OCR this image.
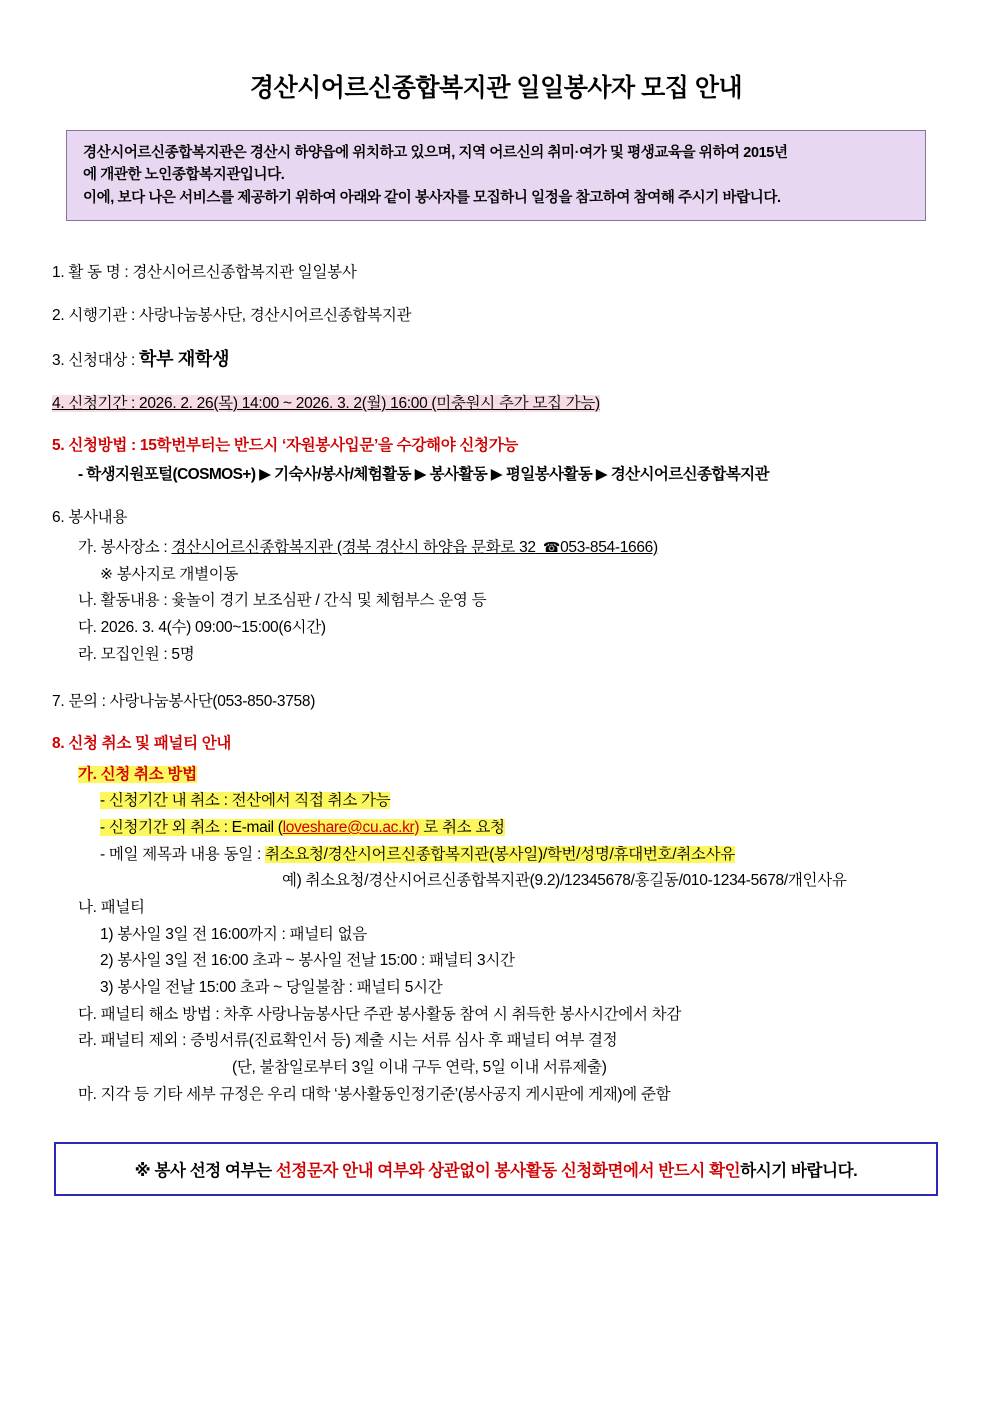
경산시어르신종합복지관 일일봉사자 모집 안내

경산시어르신종합복지관은 경산시 하양읍에 위치하고 있으며, 지역 어르신의 취미·여가 및 평생교육을 위하여 2015년

에 개관한 노인종합복지관입니다.

이에, 보다 나은 서비스를 제공하기 위하여 아래와 같이 봉사자를 모집하니 일정을 참고하여 참여해 주시기 바랍니다.

1. 활 동 명 : 경산시어르신종합복지관 일일봉사
2. 시행기관 : 사랑나눔봉사단, 경산시어르신종합복지관
3. 신청대상 : 학부 재학생
4. 신청기간 : 2026. 2. 26(목) 14:00 ~ 2026. 3. 2(월) 16:00 (미충원시 추가 모집 가능)
5. 신청방법 : 15학번부터는 반드시 ‘자원봉사입문’을 수강해야 신청가능
- 학생지원포털(COSMOS+) ▶ 기숙사/봉사/체험활동 ▶ 봉사활동 ▶ 평일봉사활동 ▶ 경산시어르신종합복지관
6. 봉사내용
가. 봉사장소 : 경산시어르신종합복지관 (경북 경산시 하양읍 문화로 32  ☎053-854-1666)
※ 봉사지로 개별이동
나. 활동내용 : 윷놀이 경기 보조심판 / 간식 및 체험부스 운영 등
다. 2026. 3. 4(수) 09:00~15:00(6시간)
라. 모집인원 : 5명
7. 문의 : 사랑나눔봉사단(053-850-3758)
8. 신청 취소 및 패널티 안내
가. 신청 취소 방법
- 신청기간 내 취소 : 전산에서 직접 취소 가능
- 신청기간 외 취소 : E-mail (loveshare@cu.ac.kr) 로 취소 요청
- 메일 제목과 내용 동일 : 취소요청/경산시어르신종합복지관(봉사일)/학번/성명/휴대번호/취소사유
예) 취소요청/경산시어르신종합복지관(9.2)/12345678/홍길동/010-1234-5678/개인사유
나. 패널티
1) 봉사일 3일 전 16:00까지 : 패널티 없음
2) 봉사일 3일 전 16:00 초과 ~ 봉사일 전날 15:00 : 패널티 3시간
3) 봉사일 전날 15:00 초과 ~ 당일불참 : 패널티 5시간
다. 패널티 해소 방법 : 차후 사랑나눔봉사단 주관 봉사활동 참여 시 취득한 봉사시간에서 차감
라. 패널티 제외 : 증빙서류(진료확인서 등) 제출 시는 서류 심사 후 패널티 여부 결정
(단, 불참일로부터 3일 이내 구두 연락, 5일 이내 서류제출)
마. 지각 등 기타 세부 규정은 우리 대학 ‘봉사활동인정기준’(봉사공지 게시판에 게재)에 준함
※ 봉사 선정 여부는 선정문자 안내 여부와 상관없이 봉사활동 신청화면에서 반드시 확인하시기 바랍니다.
